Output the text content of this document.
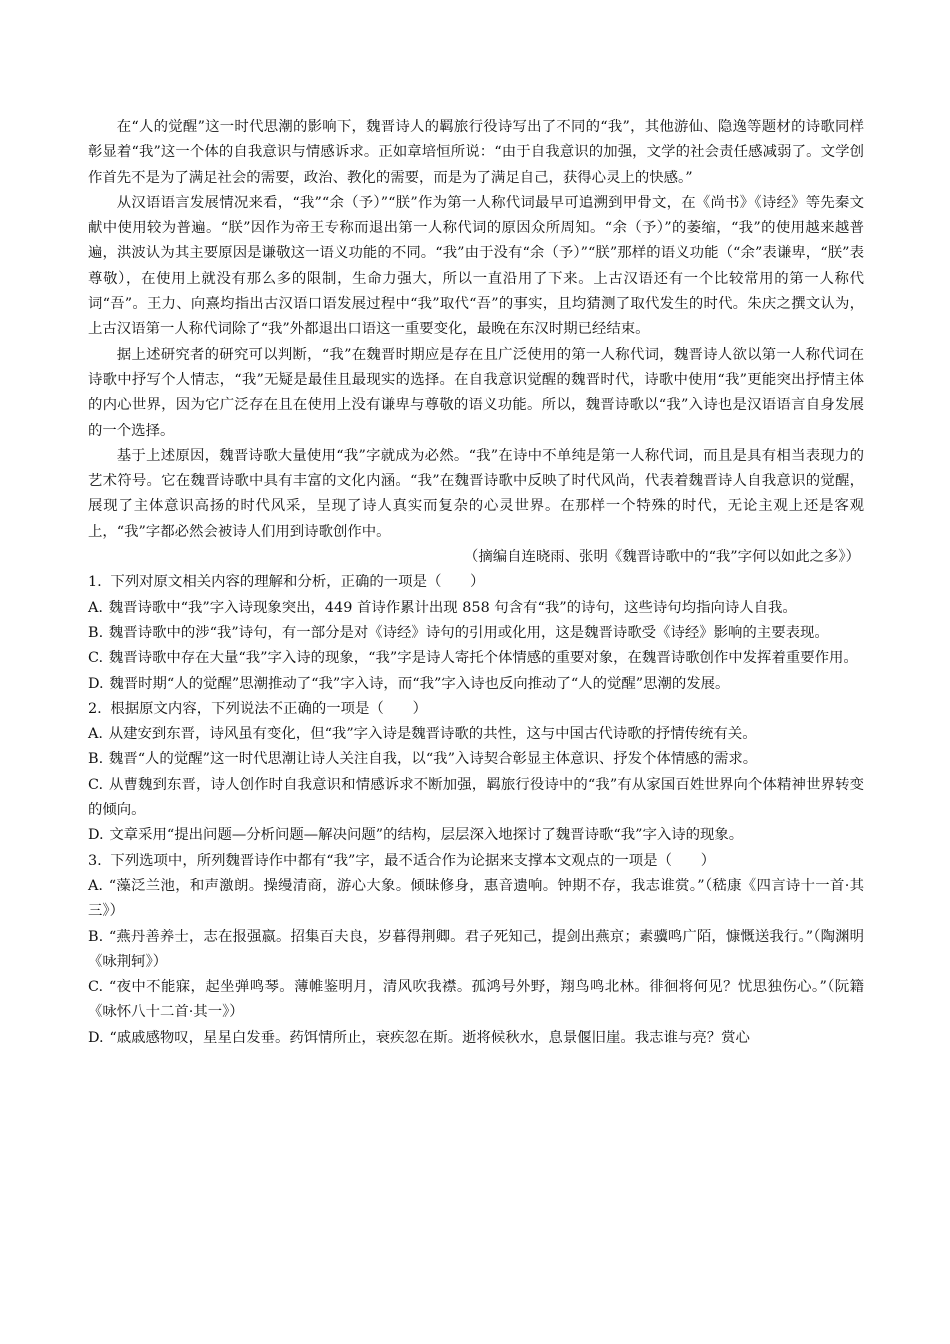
在“人的觉醒”这一时代思潮的影响下，魏晋诗人的羁旅行役诗写出了不同的“我”，其他游仙、隐逸等题材的诗歌同样彰显着“我”这一个体的自我意识与情感诉求。正如章培恒所说：“由于自我意识的加强，文学的社会责任感减弱了。文学创作首先不是为了满足社会的需要，政治、教化的需要，而是为了满足自己，获得心灵上的快感。”

从汉语语言发展情况来看，“我”“余（予）”“朕”作为第一人称代词最早可追溯到甲骨文，在《尚书》《诗经》等先秦文献中使用较为普遍。“朕”因作为帝王专称而退出第一人称代词的原因众所周知。“余（予）”的萎缩，“我”的使用越来越普遍，洪波认为其主要原因是谦敬这一语义功能的不同。“我”由于没有“余（予）”“朕”那样的语义功能（“余”表谦卑，“朕”表尊敬），在使用上就没有那么多的限制，生命力强大，所以一直沿用了下来。上古汉语还有一个比较常用的第一人称代词“吾”。王力、向熹均指出古汉语口语发展过程中“我”取代“吾”的事实，且均猜测了取代发生的时代。朱庆之撰文认为，上古汉语第一人称代词除了“我”外都退出口语这一重要变化，最晚在东汉时期已经结束。

据上述研究者的研究可以判断，“我”在魏晋时期应是存在且广泛使用的第一人称代词，魏晋诗人欲以第一人称代词在诗歌中抒写个人情志，“我”无疑是最佳且最现实的选择。在自我意识觉醒的魏晋时代，诗歌中使用“我”更能突出抒情主体的内心世界，因为它广泛存在且在使用上没有谦卑与尊敬的语义功能。所以，魏晋诗歌以“我”入诗也是汉语语言自身发展的一个选择。

基于上述原因，魏晋诗歌大量使用“我”字就成为必然。“我”在诗中不单纯是第一人称代词，而且是具有相当表现力的艺术符号。它在魏晋诗歌中具有丰富的文化内涵。“我”在魏晋诗歌中反映了时代风尚，代表着魏晋诗人自我意识的觉醒，展现了主体意识高扬的时代风采，呈现了诗人真实而复杂的心灵世界。在那样一个特殊的时代，无论主观上还是客观上，“我”字都必然会被诗人们用到诗歌创作中。

（摘编自连晓雨、张明《魏晋诗歌中的“我”字何以如此之多》）

1. 下列对原文相关内容的理解和分析，正确的一项是（　　）

A. 魏晋诗歌中“我”字入诗现象突出，449 首诗作累计出现 858 句含有“我”的诗句，这些诗句均指向诗人自我。

B. 魏晋诗歌中的涉“我”诗句，有一部分是对《诗经》诗句的引用或化用，这是魏晋诗歌受《诗经》影响的主要表现。

C. 魏晋诗歌中存在大量“我”字入诗的现象，“我”字是诗人寄托个体情感的重要对象，在魏晋诗歌创作中发挥着重要作用。

D. 魏晋时期“人的觉醒”思潮推动了“我”字入诗，而“我”字入诗也反向推动了“人的觉醒”思潮的发展。

2. 根据原文内容，下列说法不正确的一项是（　　）

A. 从建安到东晋，诗风虽有变化，但“我”字入诗是魏晋诗歌的共性，这与中国古代诗歌的抒情传统有关。

B. 魏晋“人的觉醒”这一时代思潮让诗人关注自我，以“我”入诗契合彰显主体意识、抒发个体情感的需求。

C. 从曹魏到东晋，诗人创作时自我意识和情感诉求不断加强，羁旅行役诗中的“我”有从家国百姓世界向个体精神世界转变的倾向。

D. 文章采用“提出问题—分析问题—解决问题”的结构，层层深入地探讨了魏晋诗歌“我”字入诗的现象。

3. 下列选项中，所列魏晋诗作中都有“我”字，最不适合作为论据来支撑本文观点的一项是（　　）

A. “藻泛兰池，和声激朗。操缦清商，游心大象。倾昧修身，惠音遗响。钟期不存，我志谁赏。”（嵇康《四言诗十一首·其三》）

B. “燕丹善养士，志在报强嬴。招集百夫良，岁暮得荆卿。君子死知己，提剑出燕京；素骥鸣广陌，慷慨送我行。”（陶渊明《咏荆轲》）

C. “夜中不能寐，起坐弹鸣琴。薄帷鉴明月，清风吹我襟。孤鸿号外野，翔鸟鸣北林。徘徊将何见？忧思独伤心。”（阮籍《咏怀八十二首·其一》）

D. “戚戚感物叹，星星白发垂。药饵情所止，衰疾忽在斯。逝将候秋水，息景偃旧崖。我志谁与亮？赏心
